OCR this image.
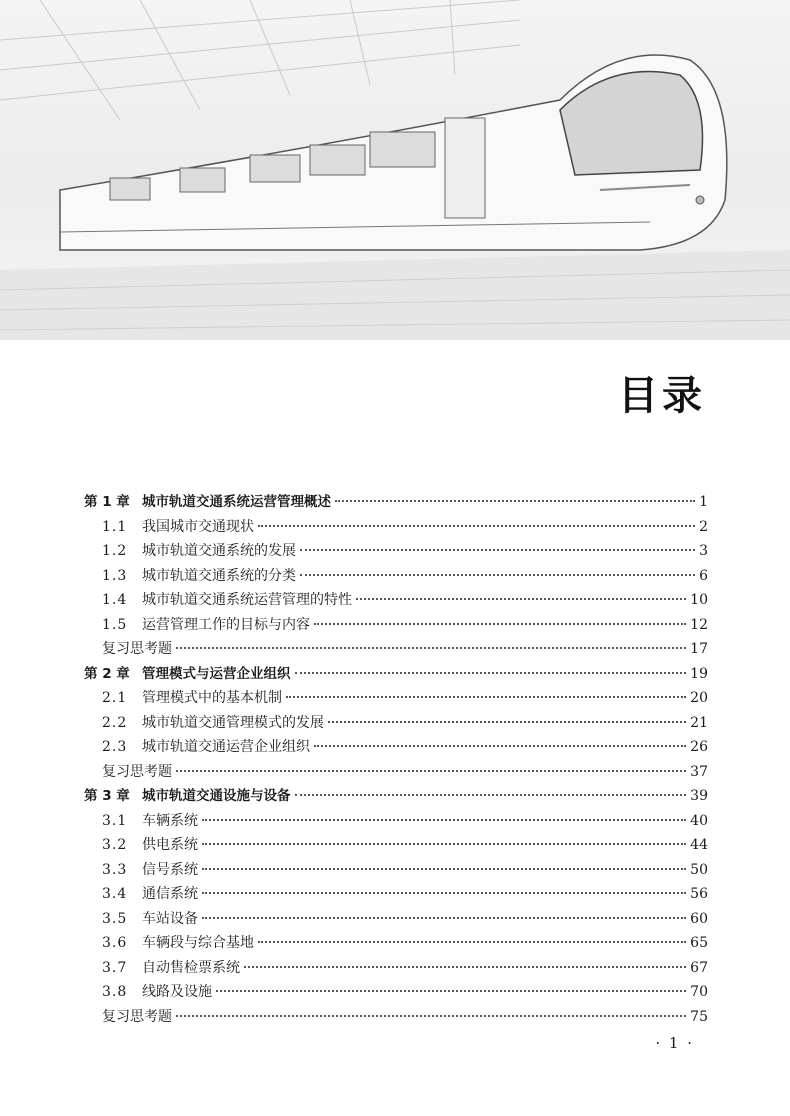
目录
第 1 章 城市轨道交通系统运营管理概述	1
1.1	我国城市交通现状	2
1.2	城市轨道交通系统的发展	3
1.3	城市轨道交通系统的分类	6
1.4	城市轨道交通系统运营管理的特性	10
1.5	运营管理工作的目标与内容	12
复习思考题	17
第 2 章 管理模式与运营企业组织	19
2.1	管理模式中的基本机制	20
2.2	城市轨道交通管理模式的发展	21
2.3	城市轨道交通运营企业组织	26
复习思考题	37
第 3 章 城市轨道交通设施与设备	39
3.1	车辆系统	40
3.2	供电系统	44
3.3	信号系统	50
3.4	通信系统	56
3.5	车站设备	60
3.6	车辆段与综合基地	65
3.7	自动售检票系统	67
3.8	线路及设施	70
复习思考题	75
· 1 ·
